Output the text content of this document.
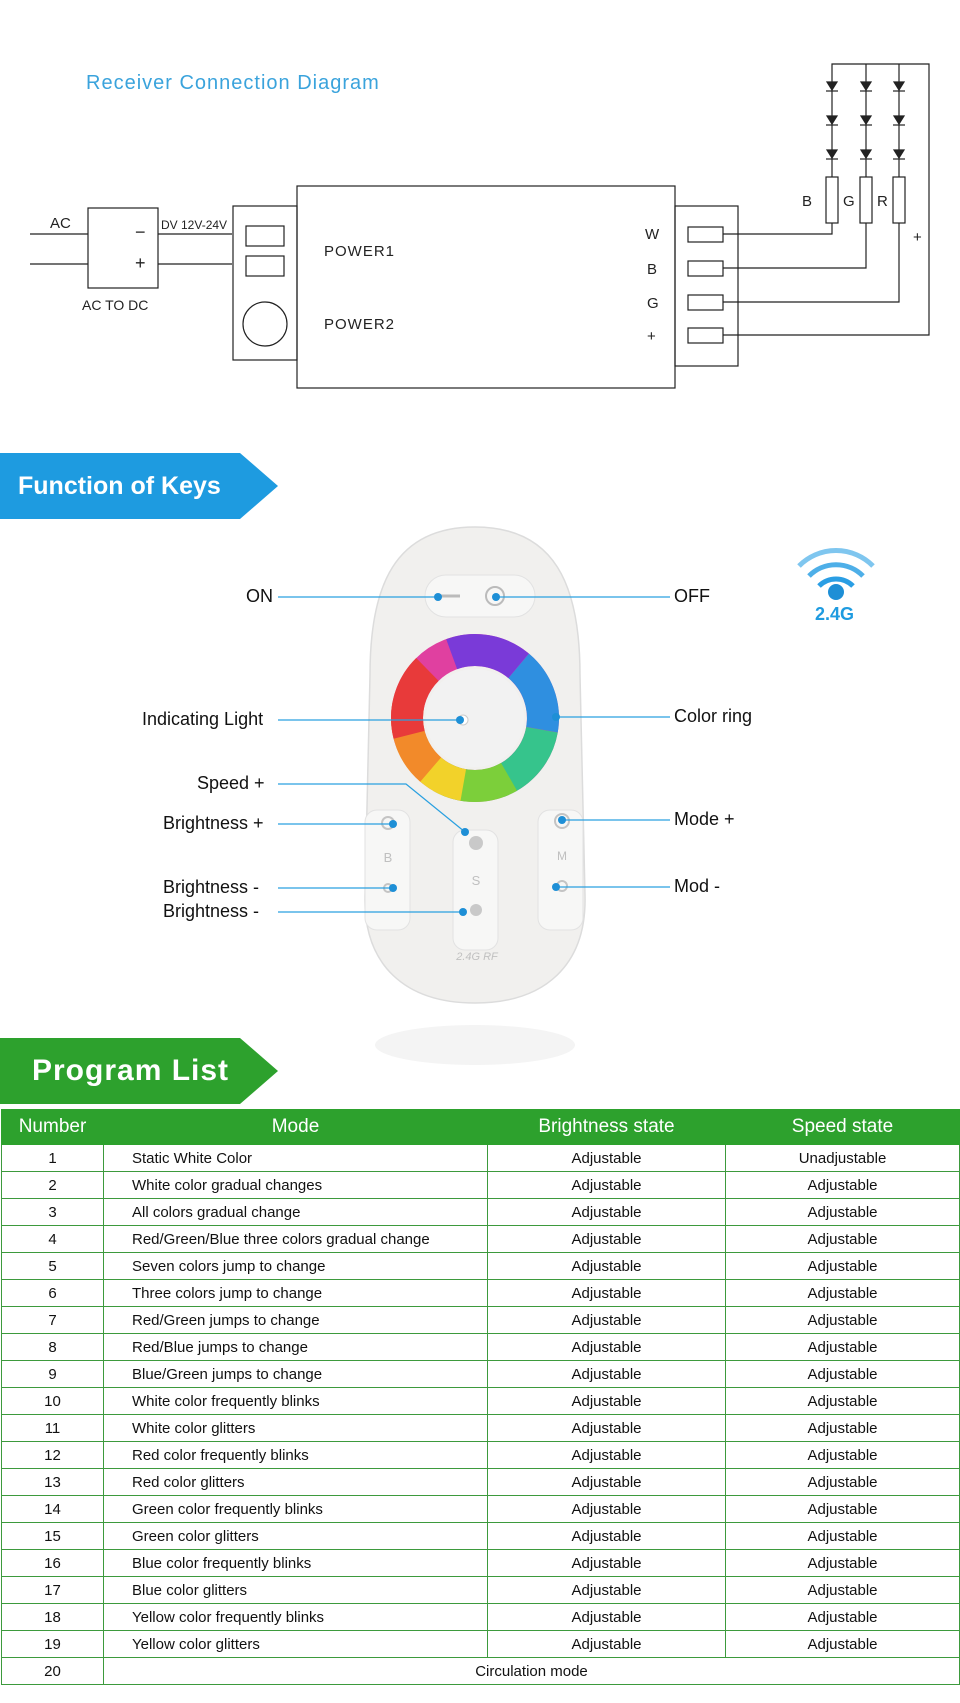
Receiver Connection Diagram
AC	−
+
DV 12V-24V
AC TO DC
POWER1
POWER2
W
B
G
+
B G R
+
Function of Keys
B
S
M
2.4G RF
ON	OFF
Indicating Light	Color ring
Speed +
Brightness +	Mode +
Brightness -	Mod -
Brightness -
2.4G
Program List
Number	Mode	Brightness state	Speed state
1	Static White Color	Adjustable	Unadjustable
2	White color gradual changes	Adjustable	Adjustable
3	All colors gradual change	Adjustable	Adjustable
4	Red/Green/Blue three colors gradual change	Adjustable	Adjustable
5	Seven colors jump to change	Adjustable	Adjustable
6	Three colors jump to change	Adjustable	Adjustable
7	Red/Green jumps to change	Adjustable	Adjustable
8	Red/Blue jumps to change	Adjustable	Adjustable
9	Blue/Green jumps to change	Adjustable	Adjustable
10	White color frequently blinks	Adjustable	Adjustable
11	White color glitters	Adjustable	Adjustable
12	Red color frequently blinks	Adjustable	Adjustable
13	Red color glitters	Adjustable	Adjustable
14	Green color frequently blinks	Adjustable	Adjustable
15	Green color glitters	Adjustable	Adjustable
16	Blue color frequently blinks	Adjustable	Adjustable
17	Blue color glitters	Adjustable	Adjustable
18	Yellow color frequently blinks	Adjustable	Adjustable
19	Yellow color glitters	Adjustable	Adjustable
20	Circulation mode		
